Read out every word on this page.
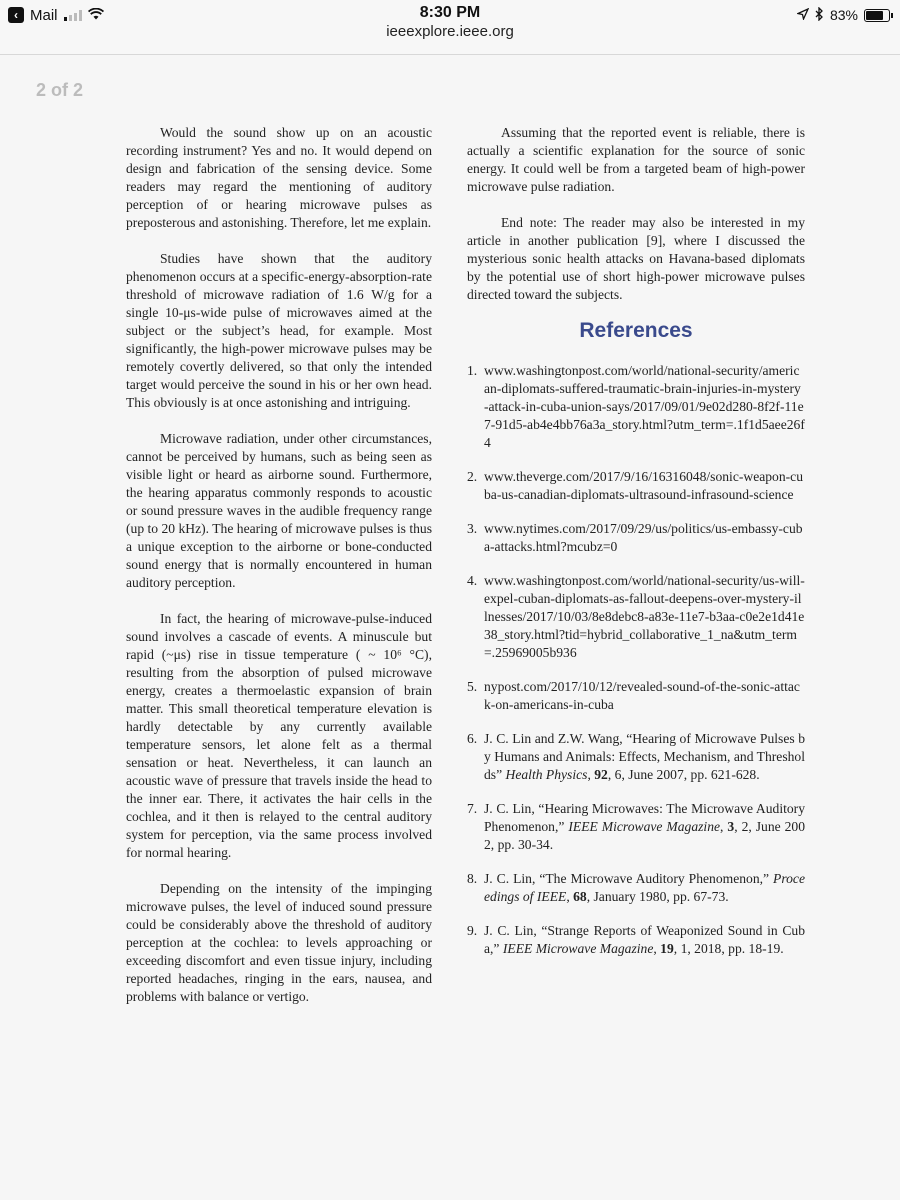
‹ Mail	8:30 PM	83%
ieeexplore.ieee.org
2 of 2

Would the sound show up on an acoustic recording instrument? Yes and no. It would depend on design and fabrication of the sensing device. Some readers may regard the mentioning of auditory perception of or hearing microwave pulses as preposterous and astonishing. Therefore, let me explain.

Studies have shown that the auditory phenomenon occurs at a specific-energy-absorption-rate threshold of microwave radiation of 1.6 W/g for a single 10-μs-wide pulse of microwaves aimed at the subject or the subject’s head, for example. Most significantly, the high-power microwave pulses may be remotely covertly delivered, so that only the intended target would perceive the sound in his or her own head. This obviously is at once astonishing and intriguing.

Microwave radiation, under other circumstances, cannot be perceived by humans, such as being seen as visible light or heard as airborne sound. Furthermore, the hearing apparatus commonly responds to acoustic or sound pressure waves in the audible frequency range (up to 20 kHz). The hearing of microwave pulses is thus a unique exception to the airborne or bone-conducted sound energy that is normally encountered in human auditory perception.

In fact, the hearing of microwave-pulse-induced sound involves a cascade of events. A minuscule but rapid (~μs) rise in tissue temperature ( ~ 10⁶ °C), resulting from the absorption of pulsed microwave energy, creates a thermoelastic expansion of brain matter. This small theoretical temperature elevation is hardly detectable by any currently available temperature sensors, let alone felt as a thermal sensation or heat. Nevertheless, it can launch an acoustic wave of pressure that travels inside the head to the inner ear. There, it activates the hair cells in the cochlea, and it then is relayed to the central auditory system for perception, via the same process involved for normal hearing.

Depending on the intensity of the impinging microwave pulses, the level of induced sound pressure could be considerably above the threshold of auditory perception at the cochlea: to levels approaching or exceeding discomfort and even tissue injury, including reported headaches, ringing in the ears, nausea, and problems with balance or vertigo.

Assuming that the reported event is reliable, there is actually a scientific explanation for the source of sonic energy. It could well be from a targeted beam of high-power microwave pulse radiation.

End note: The reader may also be interested in my article in another publication [9], where I discussed the mysterious sonic health attacks on Havana-based diplomats by the potential use of short high-power microwave pulses directed toward the subjects.

References
1. www.washingtonpost.com/world/national-security/american-diplomats-suffered-traumatic-brain-injuries-in-mystery-attack-in-cuba-union-says/2017/09/01/9e02d280-8f2f-11e7-91d5-ab4e4bb76a3a_story.html?utm_term=.1f1d5aee26f4
2. www.theverge.com/2017/9/16/16316048/sonic-weapon-cuba-us-canadian-diplomats-ultrasound-infrasound-science
3. www.nytimes.com/2017/09/29/us/politics/us-embassy-cuba-attacks.html?mcubz=0
4. www.washingtonpost.com/world/national-security/us-will-expel-cuban-diplomats-as-fallout-deepens-over-mystery-illnesses/2017/10/03/8e8debc8-a83e-11e7-b3aa-c0e2e1d41e38_story.html?tid=hybrid_collaborative_1_na&utm_term=.25969005b936
5. nypost.com/2017/10/12/revealed-sound-of-the-sonic-attack-on-americans-in-cuba
6. J. C. Lin and Z.W. Wang, “Hearing of Microwave Pulses by Humans and Animals: Effects, Mechanism, and Thresholds” Health Physics, 92, 6, June 2007, pp. 621-628.
7. J. C. Lin, “Hearing Microwaves: The Microwave Auditory Phenomenon,” IEEE Microwave Magazine, 3, 2, June 2002, pp. 30-34.
8. J. C. Lin, “The Microwave Auditory Phenomenon,” Proceedings of IEEE, 68, January 1980, pp. 67-73.
9. J. C. Lin, “Strange Reports of Weaponized Sound in Cuba,” IEEE Microwave Magazine, 19, 1, 2018, pp. 18-19.
